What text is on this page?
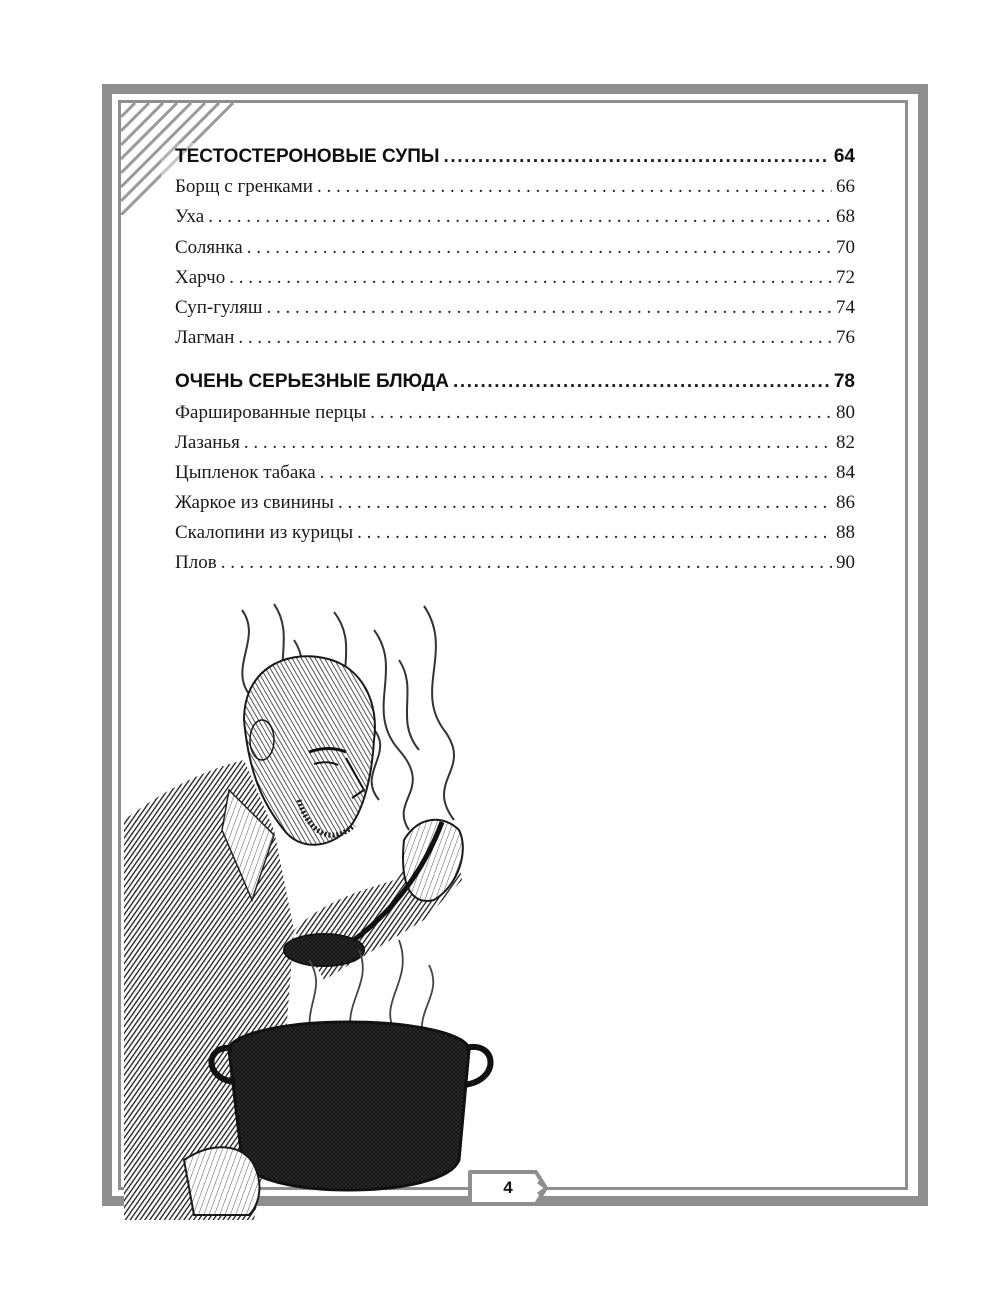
ТЕСТОСТЕРОНОВЫЕ СУПЫ .....	64
Борщ с гренками . . .	66
Уха . . .	68
Солянка . . .	70
Харчо . . .	72
Суп-гуляш . . .	74
Лагман . . .	76
ОЧЕНЬ СЕРЬЕЗНЫЕ БЛЮДА .....	78
Фаршированные перцы . . .	80
Лазанья . . .	82
Цыпленок табака . . .	84
Жаркое из свинины . . .	86
Скалопини из курицы . . .	88
Плов . . .	90
4
